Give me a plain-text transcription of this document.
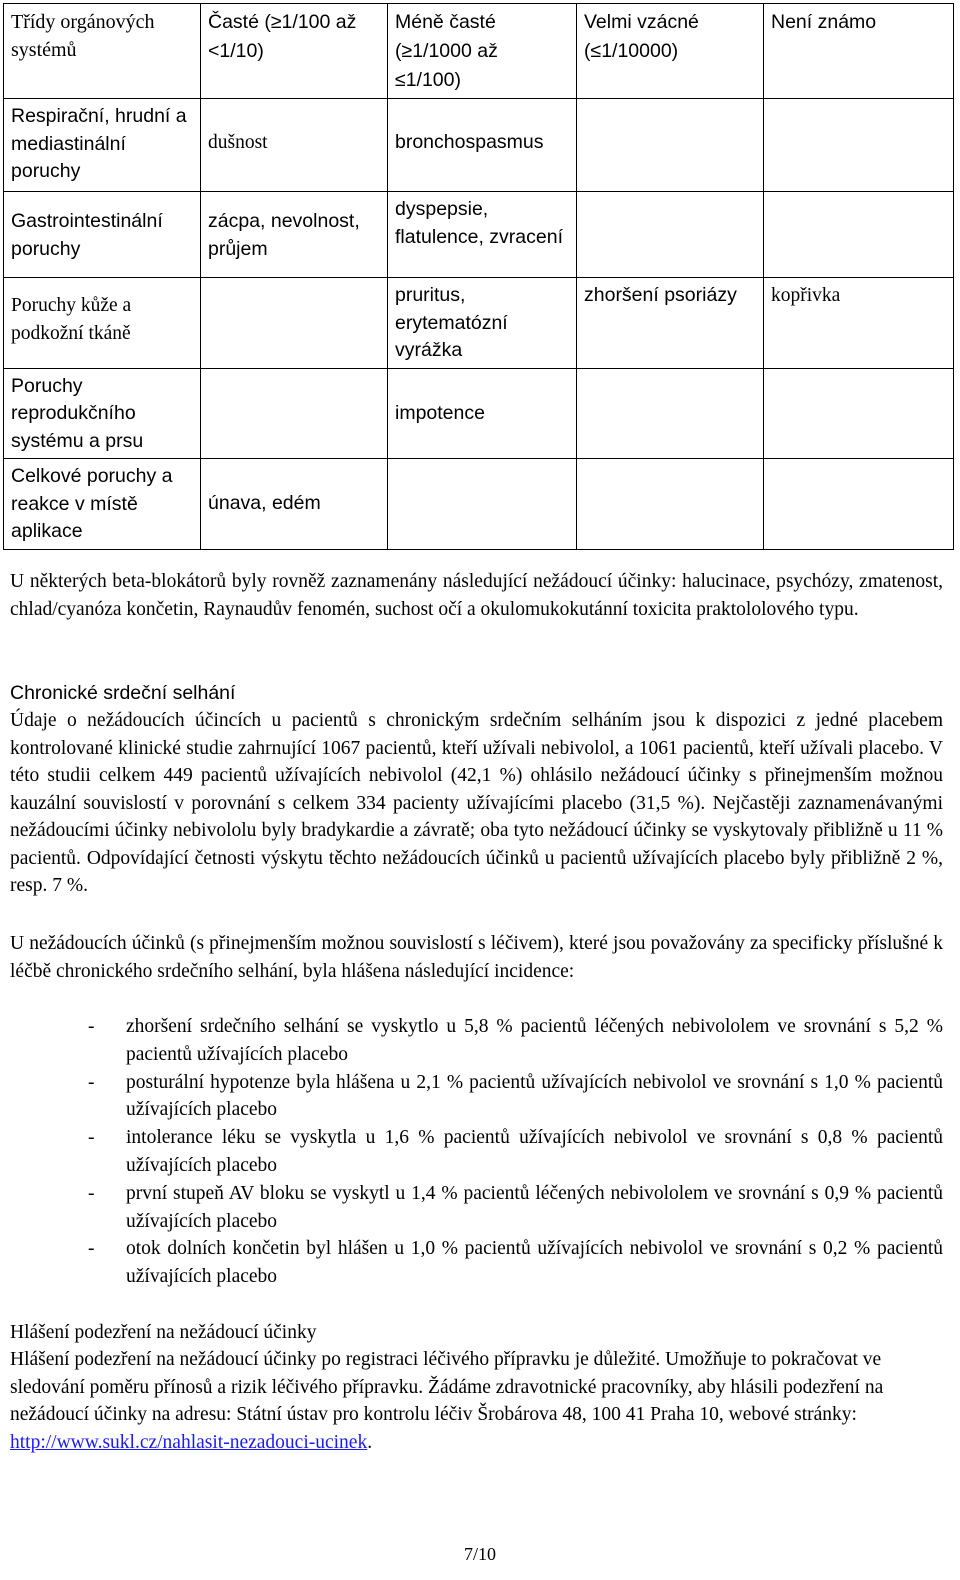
Třídy orgánových systémů	Časté (≥1/100 až <1/10)	Méně časté (≥1/1000 až ≤1/100)	Velmi vzácné (≤1/10000)	Není známo
Respirační, hrudní a mediastinální poruchy	dušnost	bronchospasmus		
Gastrointestinální poruchy	zácpa, nevolnost, průjem	dyspepsie, flatulence, zvracení		
Poruchy kůže a podkožní tkáně		pruritus, erytematózní vyrážka	zhoršení psoriázy	kopřivka
Poruchy reprodukčního systému a prsu		impotence		
Celkové poruchy a reakce v místě aplikace	únava, edém			

U některých beta-blokátorů byly rovněž zaznamenány následující nežádoucí účinky: halucinace, psychózy, zmatenost, chlad/cyanóza končetin, Raynaudův fenomén, suchost očí a okulomukokutánní toxicita praktololového typu.

Chronické srdeční selhání

Údaje o nežádoucích účincích u pacientů s chronickým srdečním selháním jsou k dispozici z jedné placebem kontrolované klinické studie zahrnující 1067 pacientů, kteří užívali nebivolol, a 1061 pacientů, kteří užívali placebo. V této studii celkem 449 pacientů užívajících nebivolol (42,1 %) ohlásilo nežádoucí účinky s přinejmenším možnou kauzální souvislostí v porovnání s celkem 334 pacienty užívajícími placebo (31,5 %). Nejčastěji zaznamenávanými nežádoucími účinky nebivololu byly bradykardie a závratě; oba tyto nežádoucí účinky se vyskytovaly přibližně u 11 % pacientů. Odpovídající četnosti výskytu těchto nežádoucích účinků u pacientů užívajících placebo byly přibližně 2 %, resp. 7 %.

U nežádoucích účinků (s přinejmenším možnou souvislostí s léčivem), které jsou považovány za specificky příslušné k léčbě chronického srdečního selhání, byla hlášena následující incidence:

-	zhoršení srdečního selhání se vyskytlo u 5,8 % pacientů léčených nebivololem ve srovnání s 5,2 % pacientů užívajících placebo
-	posturální hypotenze byla hlášena u 2,1 % pacientů užívajících nebivolol ve srovnání s 1,0 % pacientů užívajících placebo
-	intolerance léku se vyskytla u 1,6 % pacientů užívajících nebivolol ve srovnání s 0,8 % pacientů užívajících placebo
-	první stupeň AV bloku se vyskytl u 1,4 % pacientů léčených nebivololem ve srovnání s 0,9 % pacientů užívajících placebo
-	otok dolních končetin byl hlášen u 1,0 % pacientů užívajících nebivolol ve srovnání s 0,2 % pacientů užívajících placebo
Hlášení podezření na nežádoucí účinky

Hlášení podezření na nežádoucí účinky po registraci léčivého přípravku je důležité. Umožňuje to pokračovat ve sledování poměru přínosů a rizik léčivého přípravku. Žádáme zdravotnické pracovníky, aby hlásili podezření na nežádoucí účinky na adresu: Státní ústav pro kontrolu léčiv Šrobárova 48, 100 41 Praha 10, webové stránky: http://www.sukl.cz/nahlasit-nezadouci-ucinek.

7/10
